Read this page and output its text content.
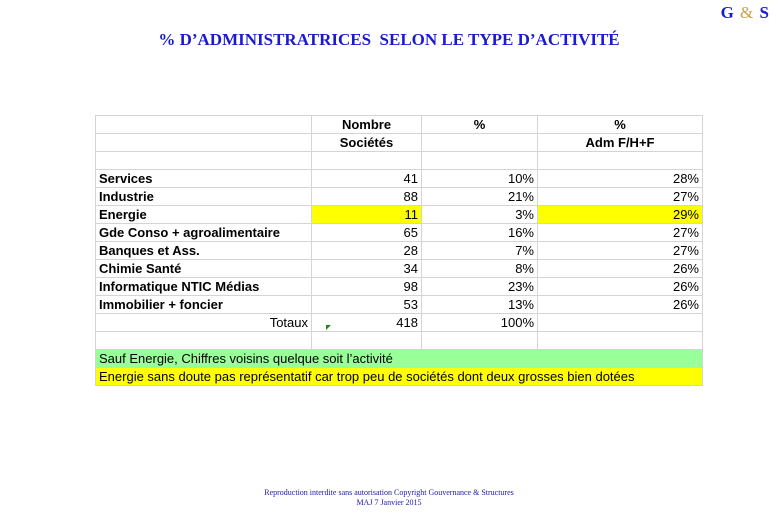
G & S
% D’ADMINISTRATRICES  SELON LE TYPE D’ACTIVITÉ
	Nombre	%	%
	Sociétés		Adm F/H+F

Services	41	10%	28%
Industrie	88	21%	27%
Energie	11	3%	29%
Gde Conso + agroalimentaire	65	16%	27%
Banques et Ass.	28	7%	27%
Chimie Santé	34	8%	26%
Informatique NTIC Médias	98	23%	26%
Immobilier + foncier	53	13%	26%
Totaux	418	100%	

Sauf Energie, Chiffres voisins quelque soit l’activité			
Energie sans doute pas représentatif car trop peu de sociétés dont deux grosses bien dotées			
Reproduction interdite sans autorisation Copyright Gouvernance & Structures
MAJ 7 Janvier 2015
